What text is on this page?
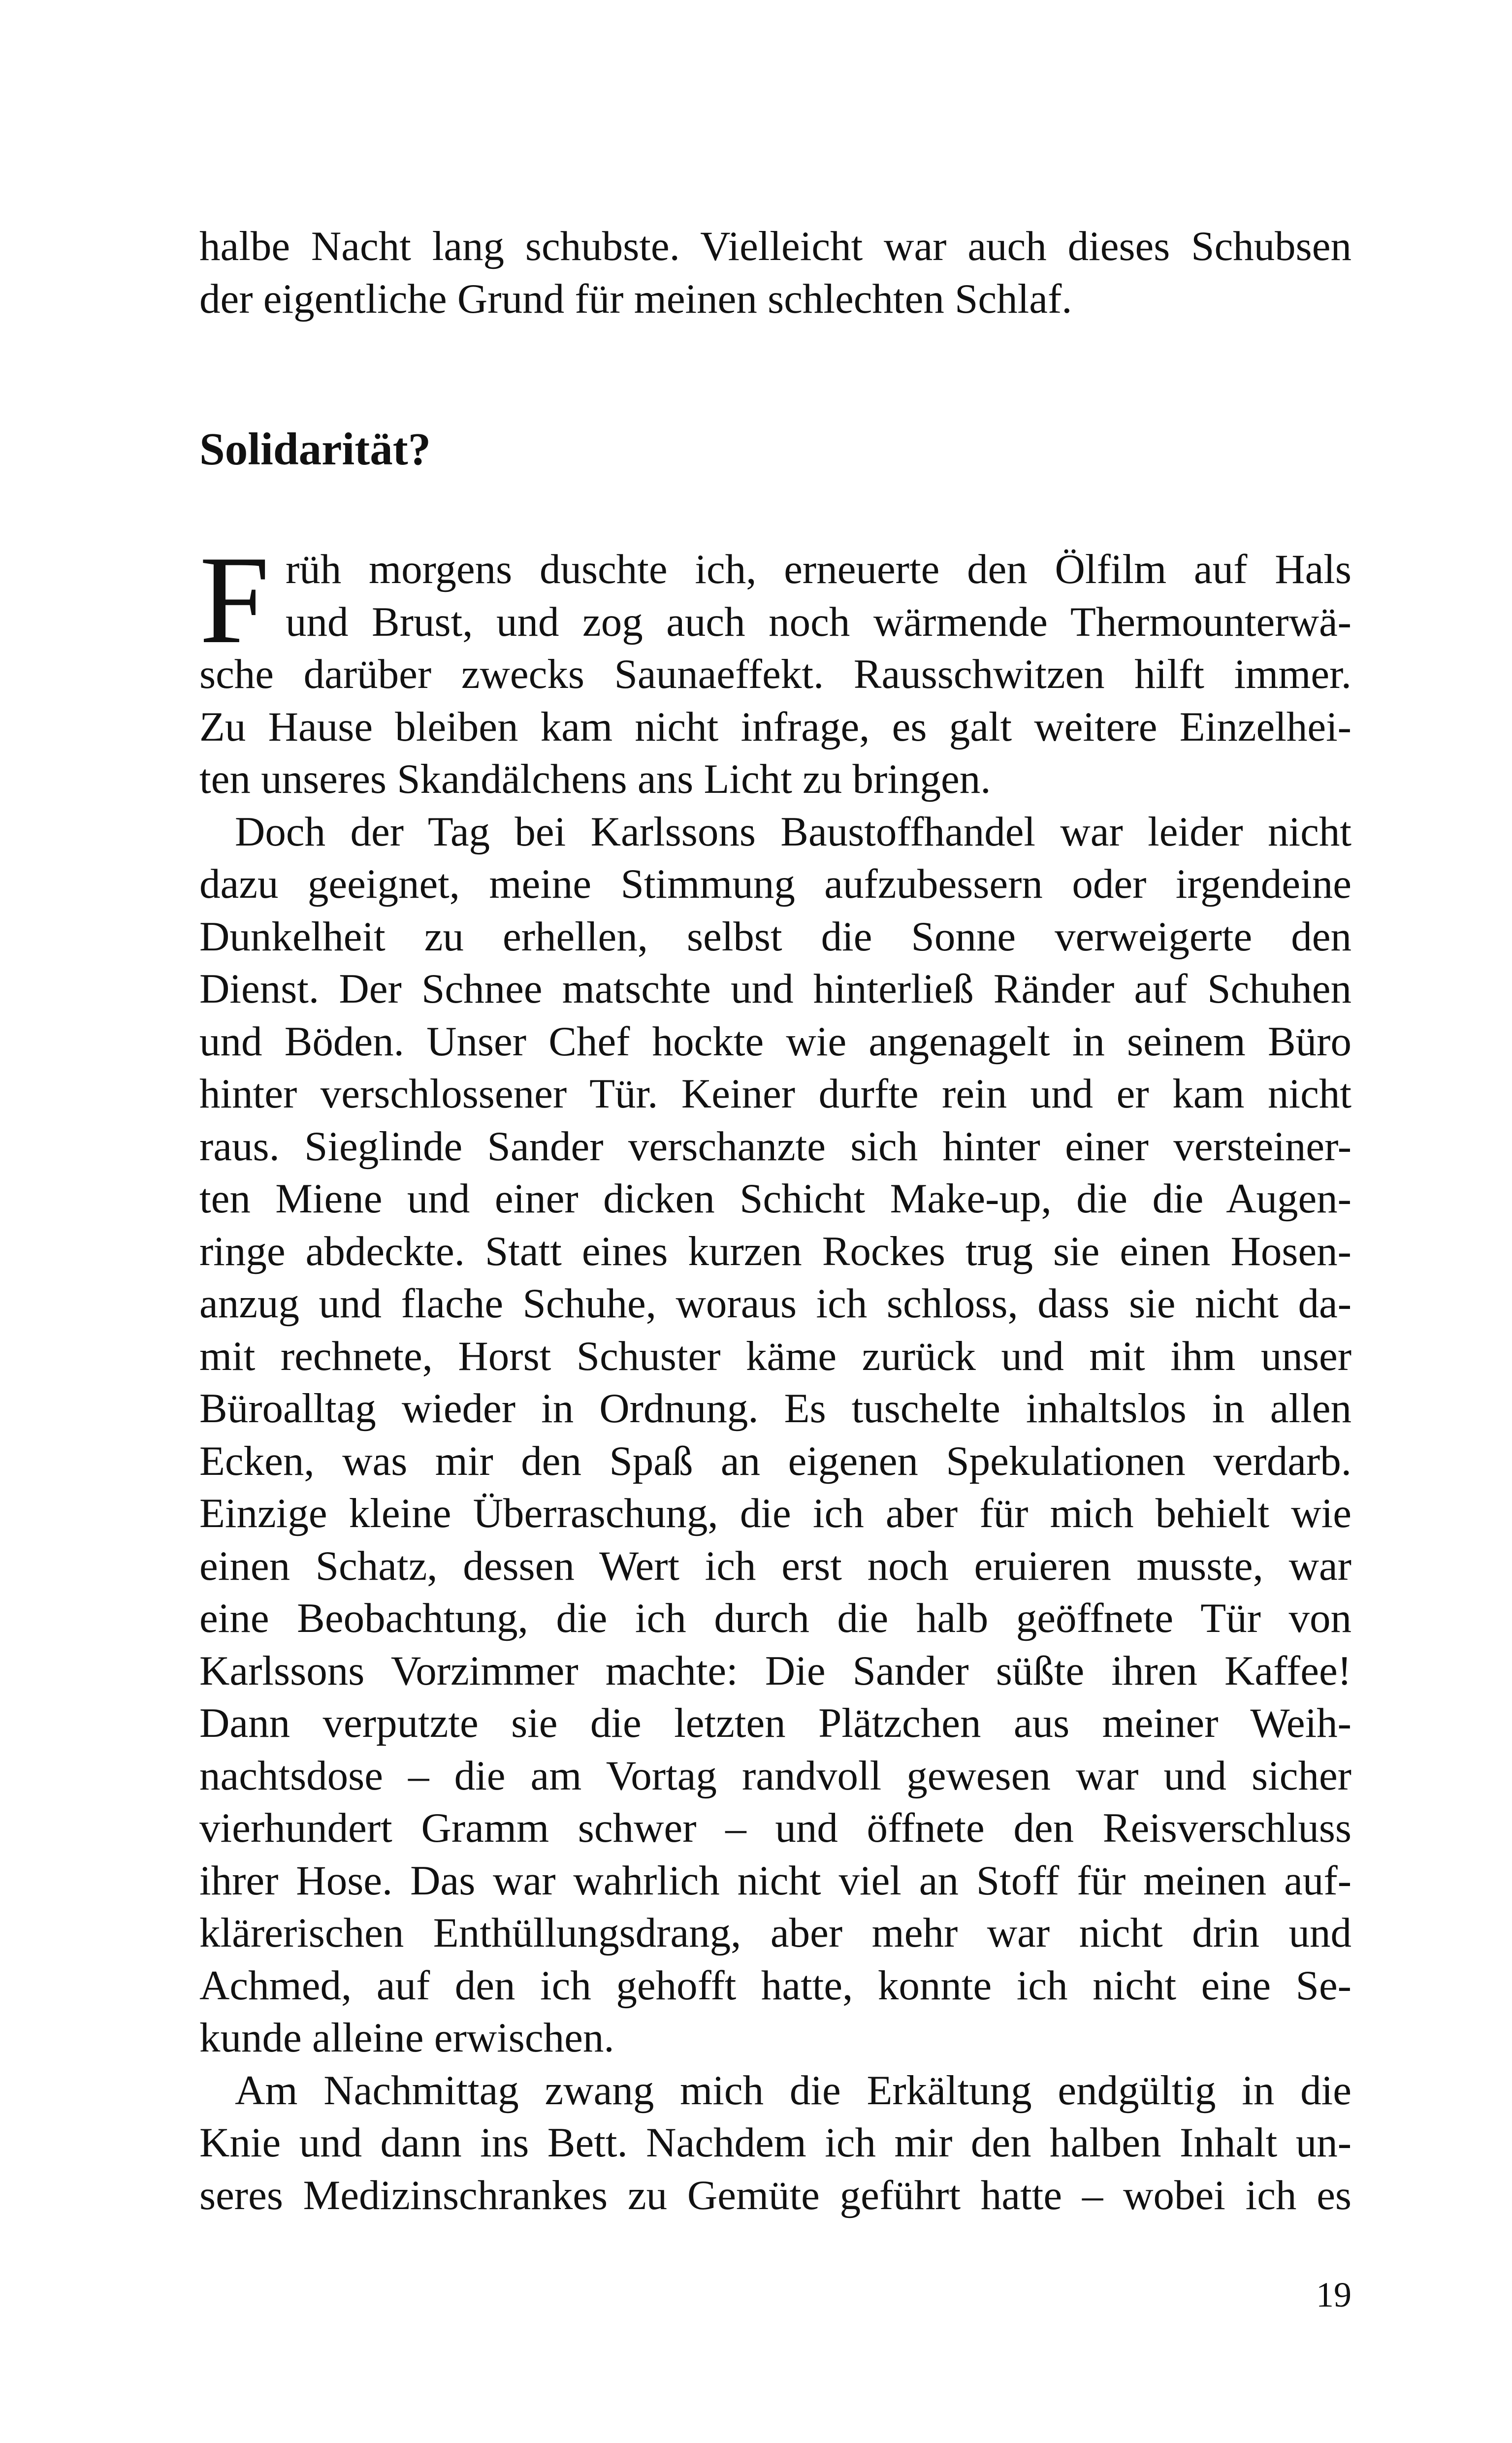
halbe Nacht lang schubste. Vielleicht war auch dieses Schubsen
der eigentliche Grund für meinen schlechten Schlaf.
Solidarität?
F rüh morgens duschte ich, erneuerte den Ölfilm auf Hals
und Brust, und zog auch noch wärmende Thermounterwä-
sche darüber zwecks Saunaeffekt. Rausschwitzen hilft immer.
Zu Hause bleiben kam nicht infrage, es galt weitere Einzelhei-
ten unseres Skandälchens ans Licht zu bringen.
Doch der Tag bei Karlssons Baustoffhandel war leider nicht
dazu geeignet, meine Stimmung aufzubessern oder irgendeine
Dunkelheit zu erhellen, selbst die Sonne verweigerte den
Dienst. Der Schnee matschte und hinterließ Ränder auf Schuhen
und Böden. Unser Chef hockte wie angenagelt in seinem Büro
hinter verschlossener Tür. Keiner durfte rein und er kam nicht
raus. Sieglinde Sander verschanzte sich hinter einer versteiner-
ten Miene und einer dicken Schicht Make-up, die die Augen-
ringe abdeckte. Statt eines kurzen Rockes trug sie einen Hosen-
anzug und flache Schuhe, woraus ich schloss, dass sie nicht da-
mit rechnete, Horst Schuster käme zurück und mit ihm unser
Büroalltag wieder in Ordnung. Es tuschelte inhaltslos in allen
Ecken, was mir den Spaß an eigenen Spekulationen verdarb.
Einzige kleine Überraschung, die ich aber für mich behielt wie
einen Schatz, dessen Wert ich erst noch eruieren musste, war
eine Beobachtung, die ich durch die halb geöffnete Tür von
Karlssons Vorzimmer machte: Die Sander süßte ihren Kaffee!
Dann verputzte sie die letzten Plätzchen aus meiner Weih-
nachtsdose – die am Vortag randvoll gewesen war und sicher
vierhundert Gramm schwer – und öffnete den Reisverschluss
ihrer Hose. Das war wahrlich nicht viel an Stoff für meinen auf-
klärerischen Enthüllungsdrang, aber mehr war nicht drin und
Achmed, auf den ich gehofft hatte, konnte ich nicht eine Se-
kunde alleine erwischen.
Am Nachmittag zwang mich die Erkältung endgültig in die
Knie und dann ins Bett. Nachdem ich mir den halben Inhalt un-
seres Medizinschrankes zu Gemüte geführt hatte – wobei ich es
19
